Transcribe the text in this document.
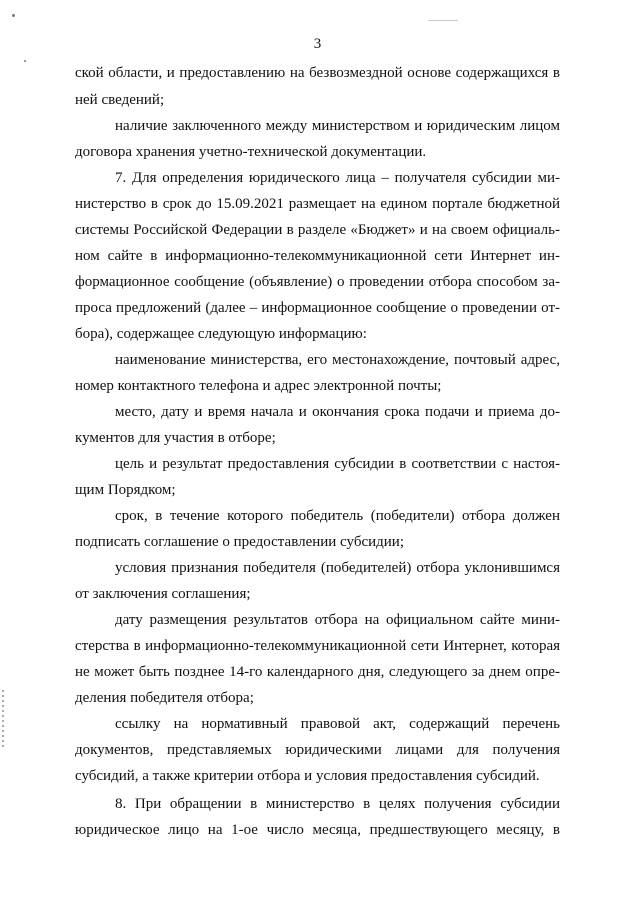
3
ской области, и предоставлению на безвозмездной основе содержащихся в
ней сведений;
наличие заключенного между министерством и юридическим лицом
договора хранения учетно-технической документации.
7. Для определения юридического лица – получателя субсидии ми-
нистерство в срок до 15.09.2021 размещает на едином портале бюджетной
системы Российской Федерации в разделе «Бюджет» и на своем официаль-
ном сайте в информационно-телекоммуникационной сети Интернет ин-
формационное сообщение (объявление) о проведении отбора способом за-
проса предложений (далее – информационное сообщение о проведении от-
бора), содержащее следующую информацию:
наименование министерства, его местонахождение, почтовый адрес,
номер контактного телефона и адрес электронной почты;
место, дату и время начала и окончания срока подачи и приема до-
кументов для участия в отборе;
цель и результат предоставления субсидии в соответствии с настоя-
щим Порядком;
срок, в течение которого победитель (победители) отбора должен
подписать соглашение о предоставлении субсидии;
условия признания победителя (победителей) отбора уклонившимся
от заключения соглашения;
дату размещения результатов отбора на официальном сайте мини-
стерства в информационно-телекоммуникационной сети Интернет, которая
не может быть позднее 14-го календарного дня, следующего за днем опре-
деления победителя отбора;
ссылку на нормативный правовой акт, содержащий перечень
документов, представляемых юридическими лицами для получения
субсидий, а также критерии отбора и условия предоставления субсидий.
8. При обращении в министерство в целях получения субсидии
юридическое лицо на 1-ое число месяца, предшествующего месяцу, в
